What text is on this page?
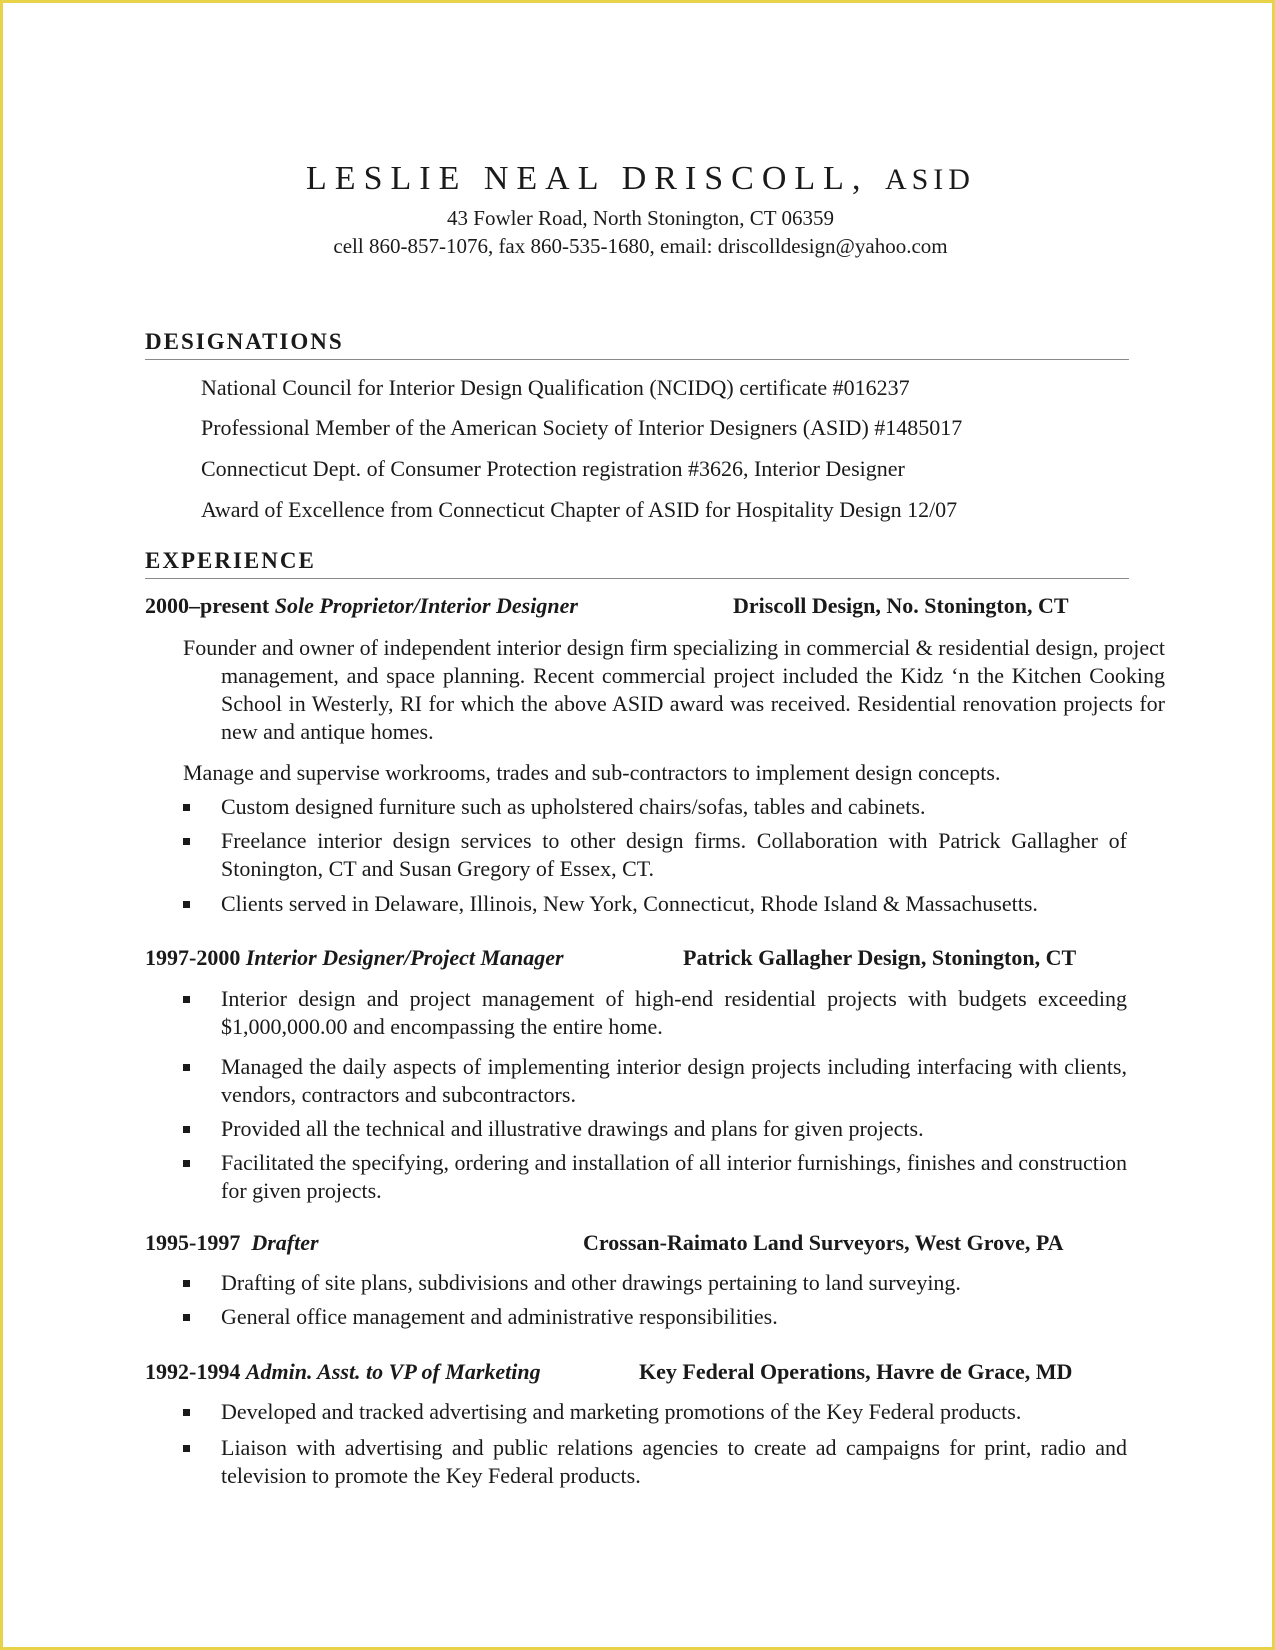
LESLIE NEAL DRISCOLL, ASID
43 Fowler Road, North Stonington, CT 06359
cell 860-857-1076, fax 860-535-1680, email: driscolldesign@yahoo.com
DESIGNATIONS
National Council for Interior Design Qualification (NCIDQ) certificate #016237
Professional Member of the American Society of Interior Designers (ASID) #1485017
Connecticut Dept. of Consumer Protection registration #3626, Interior Designer
Award of Excellence from Connecticut Chapter of ASID for Hospitality Design 12/07
EXPERIENCE
2000–present Sole Proprietor/Interior Designer	Driscoll Design, No. Stonington, CT
Founder and owner of independent interior design firm specializing in commercial & residential design, project management, and space planning. Recent commercial project included the Kidz ‘n the Kitchen Cooking School in Westerly, RI for which the above ASID award was received. Residential renovation projects for new and antique homes.
Manage and supervise workrooms, trades and sub-contractors to implement design concepts.
Custom designed furniture such as upholstered chairs/sofas, tables and cabinets.
Freelance interior design services to other design firms. Collaboration with Patrick Gallagher of Stonington, CT and Susan Gregory of Essex, CT.
Clients served in Delaware, Illinois, New York, Connecticut, Rhode Island & Massachusetts.
1997-2000 Interior Designer/Project Manager	Patrick Gallagher Design, Stonington, CT
Interior design and project management of high-end residential projects with budgets exceeding $1,000,000.00 and encompassing the entire home.
Managed the daily aspects of implementing interior design projects including interfacing with clients, vendors, contractors and subcontractors.
Provided all the technical and illustrative drawings and plans for given projects.
Facilitated the specifying, ordering and installation of all interior furnishings, finishes and construction for given projects.
1995-1997 Drafter	Crossan-Raimato Land Surveyors, West Grove, PA
Drafting of site plans, subdivisions and other drawings pertaining to land surveying.
General office management and administrative responsibilities.
1992-1994 Admin. Asst. to VP of Marketing	Key Federal Operations, Havre de Grace, MD
Developed and tracked advertising and marketing promotions of the Key Federal products.
Liaison with advertising and public relations agencies to create ad campaigns for print, radio and television to promote the Key Federal products.
